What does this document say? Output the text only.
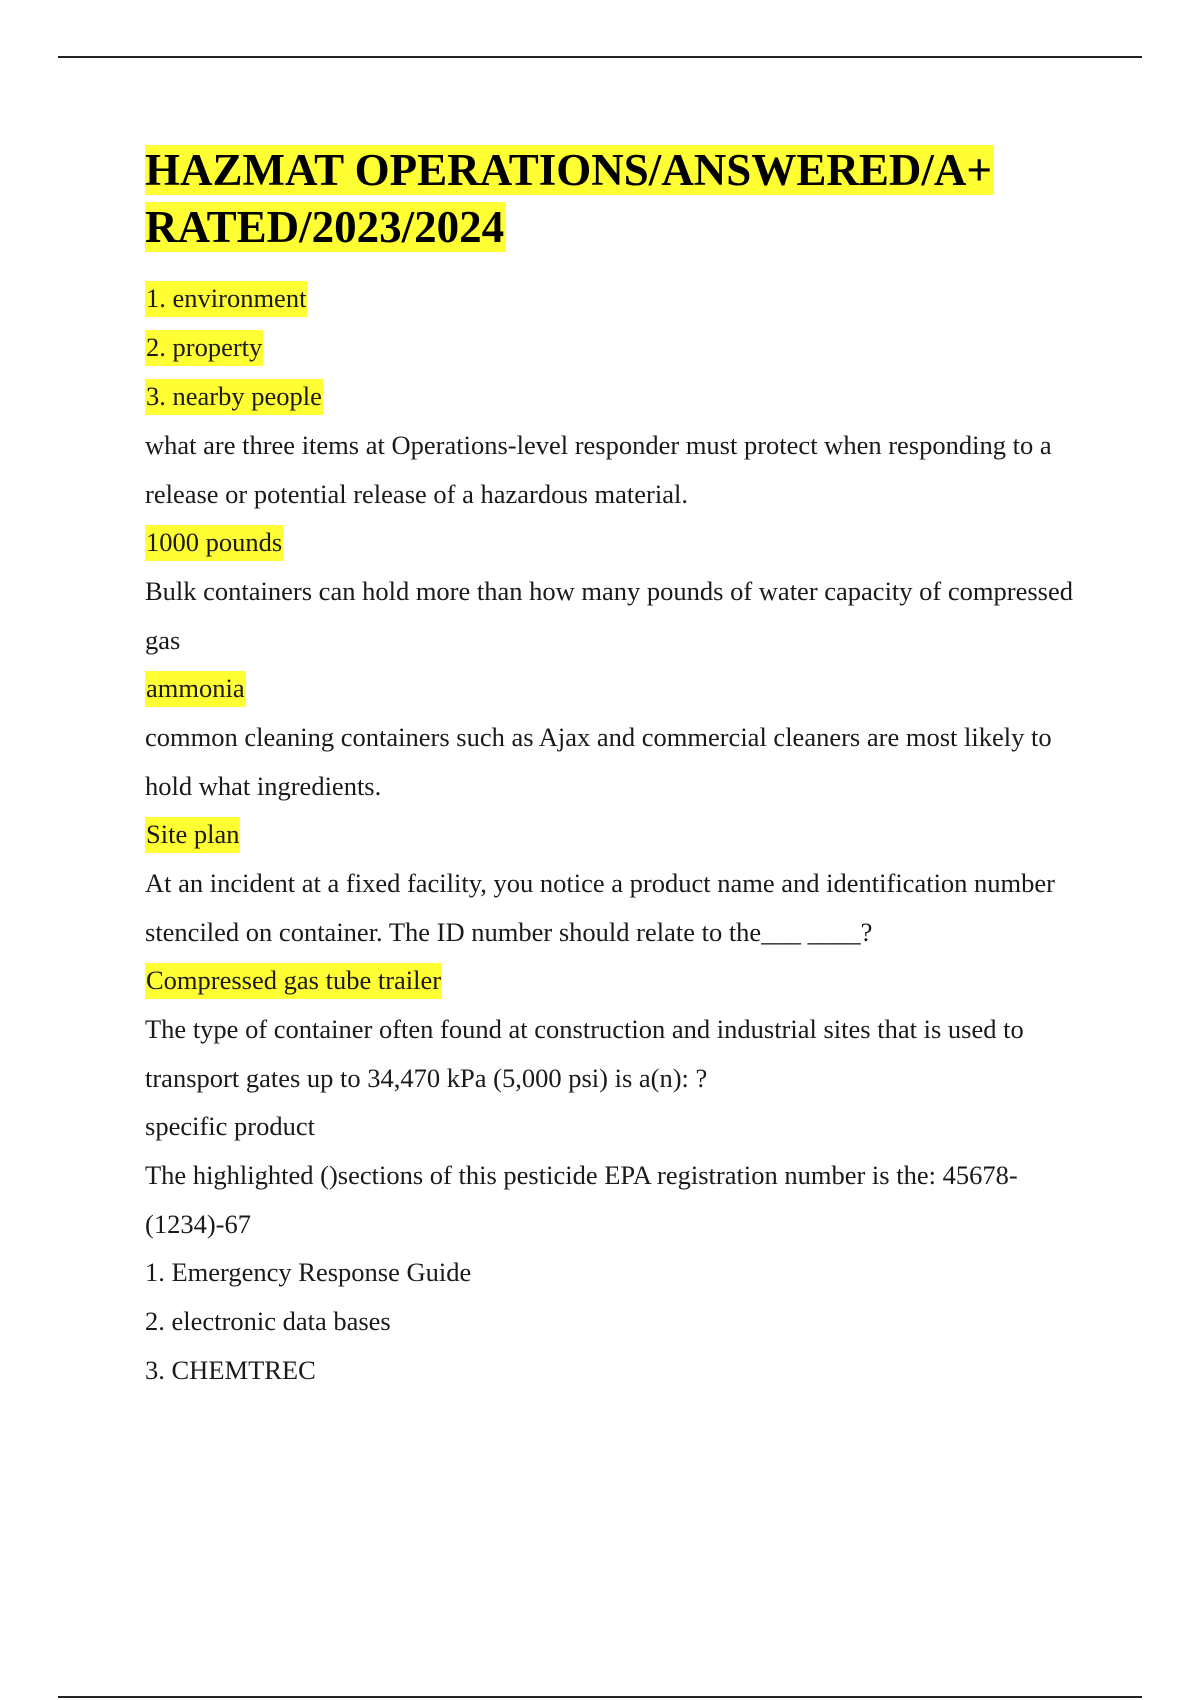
HAZMAT OPERATIONS/ANSWERED/A+
RATED/2023/2024
1. environment
2. property
3. nearby people

what are three items at Operations-level responder must protect when responding to a release or potential release of a hazardous material.

1000 pounds

Bulk containers can hold more than how many pounds of water capacity of compressed gas

ammonia

common cleaning containers such as Ajax and commercial cleaners are most likely to hold what ingredients.

Site plan

At an incident at a fixed facility, you notice a product name and identification number stenciled on container. The ID number should relate to the___ ____?

Compressed gas tube trailer

The type of container often found at construction and industrial sites that is used to transport gates up to 34,470 kPa (5,000 psi) is a(n): ?

specific product

The highlighted ()sections of this pesticide EPA registration number is the: 45678-(1234)-67

1. Emergency Response Guide
2. electronic data bases
3. CHEMTREC
